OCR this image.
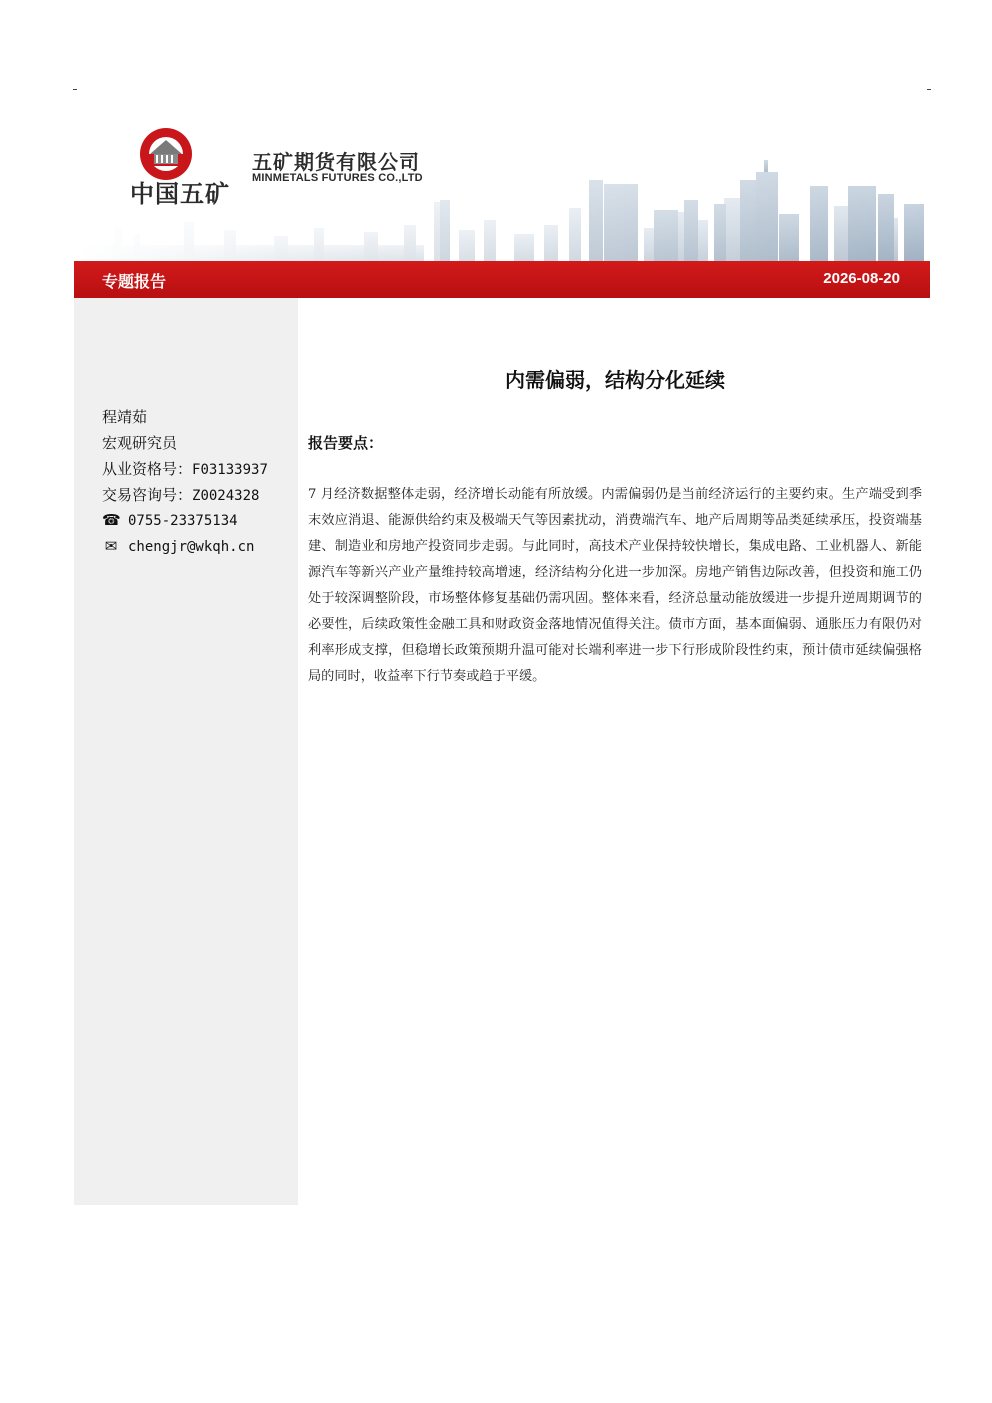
中国五矿
五矿期货有限公司
MINMETALS FUTURES CO.,LTD
专题报告	2026-08-20
程靖茹
宏观研究员
从业资格号：F03133937
交易咨询号：Z0024328
☎ 0755-23375134
✉ chengjr@wkqh.cn
内需偏弱，结构分化延续
报告要点：
7 月经济数据整体走弱，经济增长动能有所放缓。内需偏弱仍是当前经济运行的主要约束。生产端受到季末效应消退、能源供给约束及极端天气等因素扰动，消费端汽车、地产后周期等品类延续承压，投资端基建、制造业和房地产投资同步走弱。与此同时，高技术产业保持较快增长，集成电路、工业机器人、新能源汽车等新兴产业产量维持较高增速，经济结构分化进一步加深。房地产销售边际改善，但投资和施工仍处于较深调整阶段，市场整体修复基础仍需巩固。整体来看，经济总量动能放缓进一步提升逆周期调节的必要性，后续政策性金融工具和财政资金落地情况值得关注。债市方面，基本面偏弱、通胀压力有限仍对利率形成支撑，但稳增长政策预期升温可能对长端利率进一步下行形成阶段性约束，预计债市延续偏强格局的同时，收益率下行节奏或趋于平缓。
